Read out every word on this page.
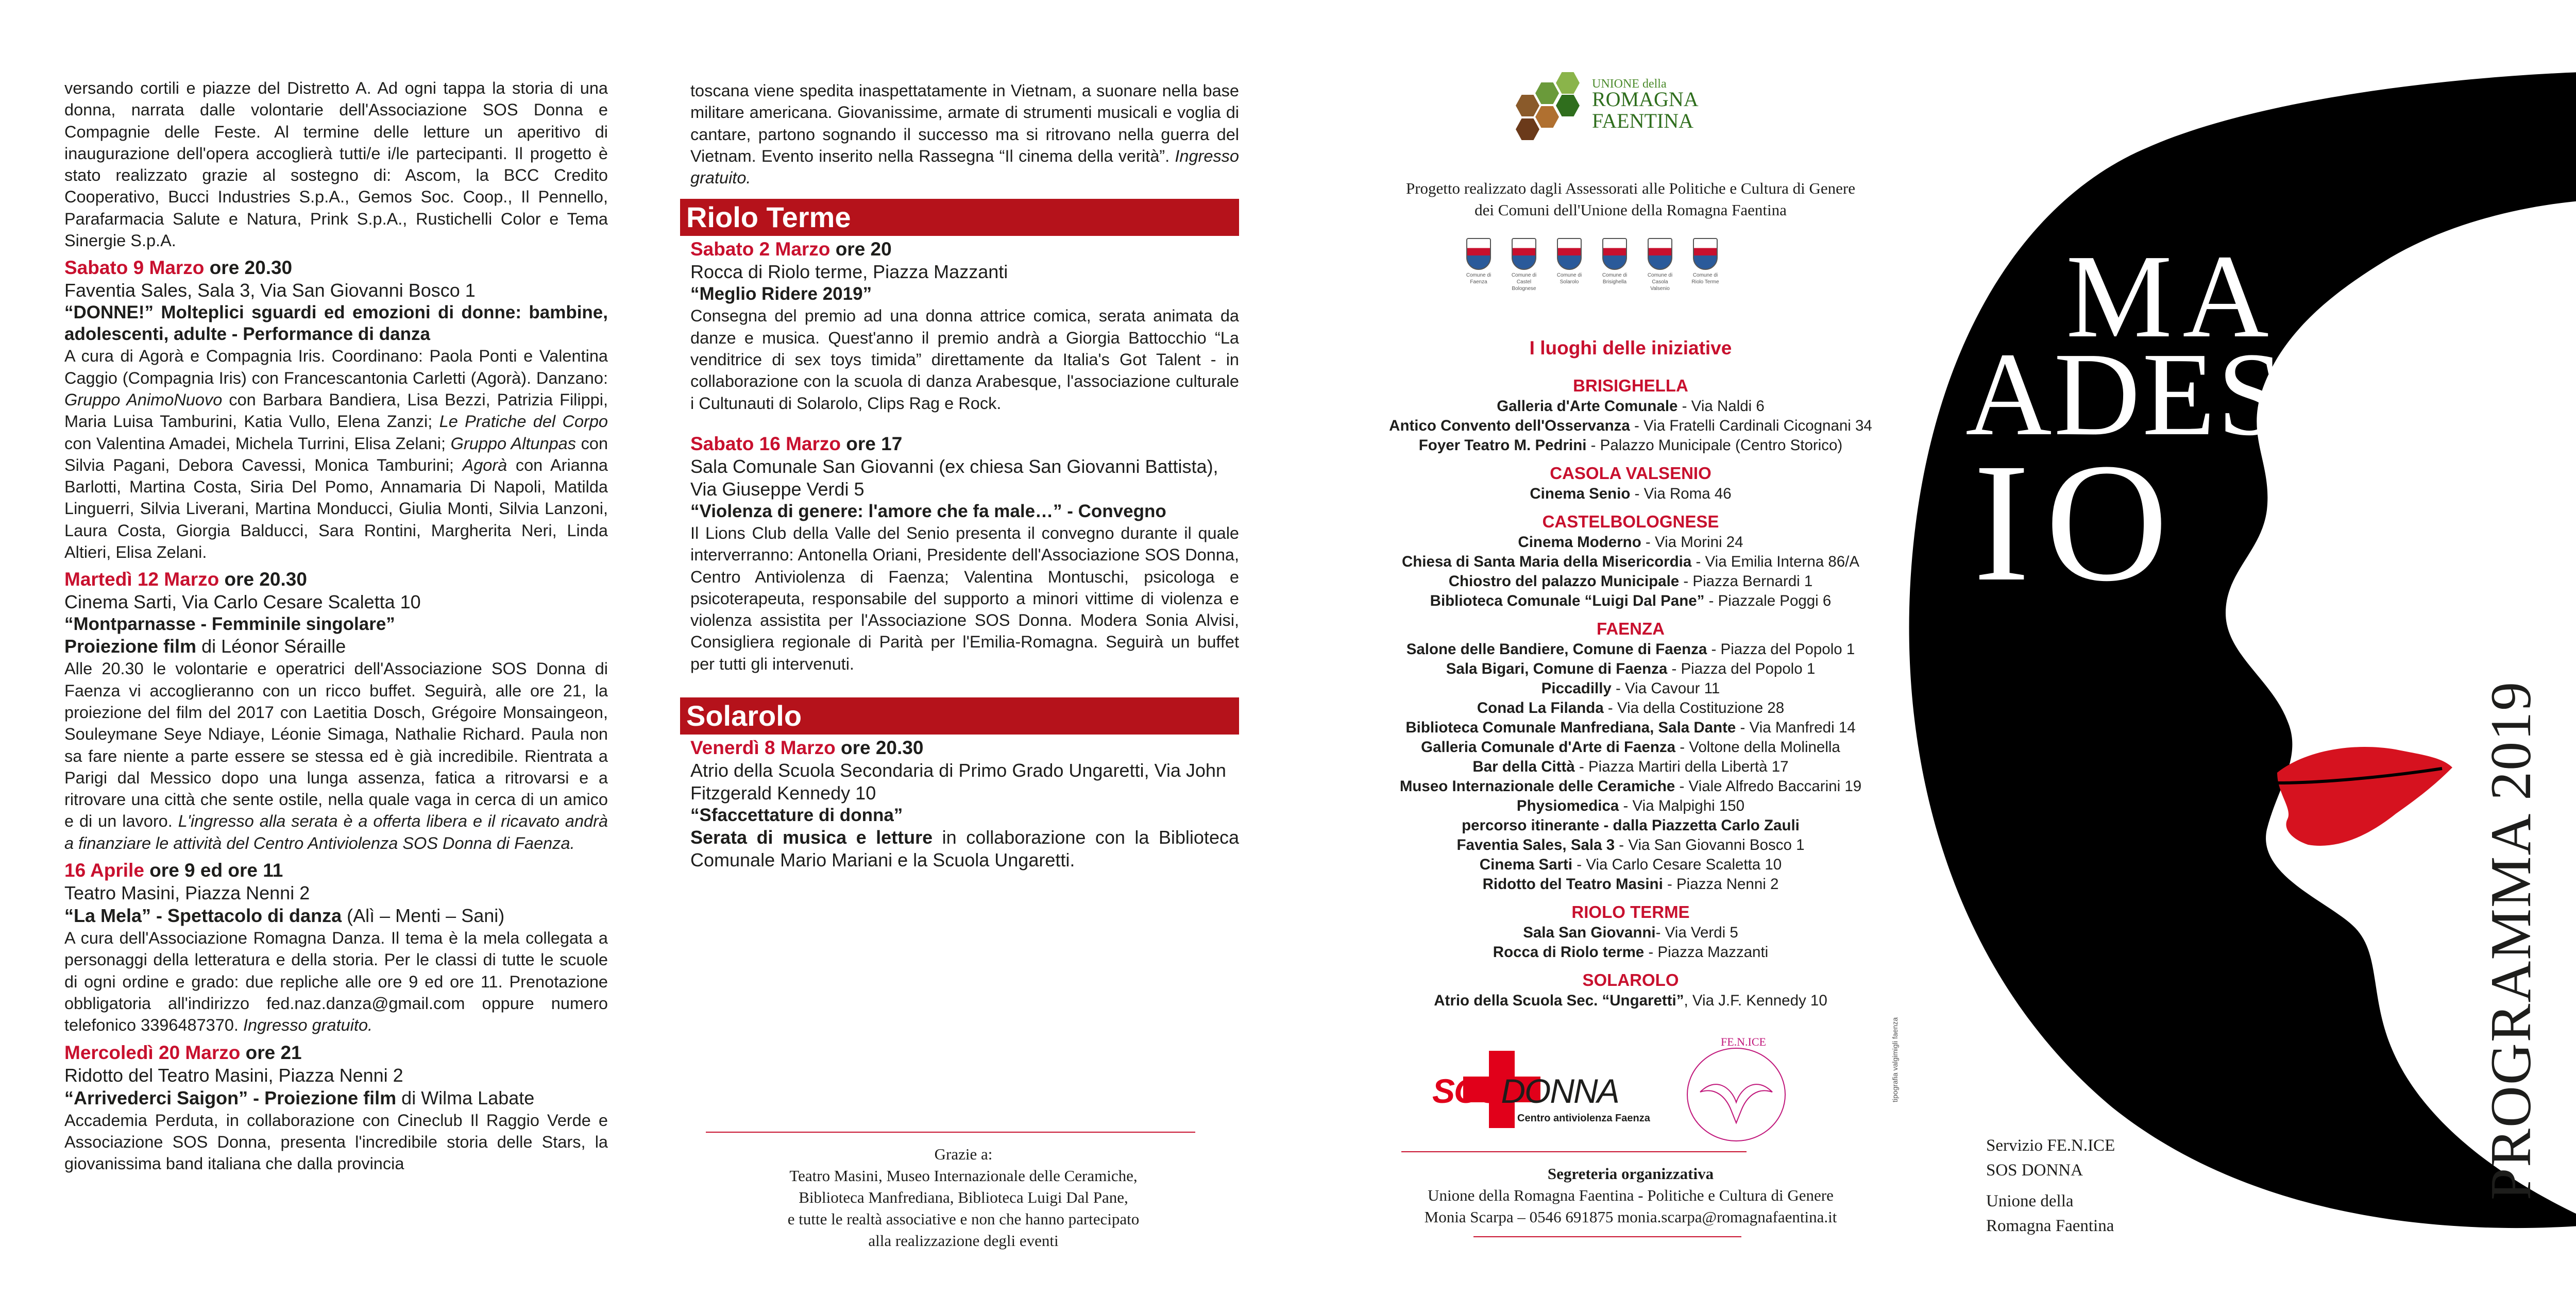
versando cortili e piazze del Distretto A. Ad ogni tappa la storia di una donna, narrata dalle volontarie dell'Associazione SOS Donna e Compagnie delle Feste. Al termine delle letture un aperitivo di inaugurazione dell'opera accoglierà tutti/e i/le partecipanti. Il progetto è stato realizzato grazie al sostegno di: Ascom, la BCC Credito Cooperativo, Bucci Industries S.p.A., Gemos Soc. Coop., Il Pennello, Parafarmacia Salute e Natura, Prink S.p.A., Rustichelli Color e Tema Sinergie S.p.A.

Sabato 9 Marzo ore 20.30
Faventia Sales, Sala 3, Via San Giovanni Bosco 1

“DONNE!” Molteplici sguardi ed emozioni di donne: bambine, adolescenti, adulte - Performance di danza

A cura di Agorà e Compagnia Iris. Coordinano: Paola Ponti e Valentina Caggio (Compagnia Iris) con Francescantonia Carletti (Agorà). Danzano: Gruppo AnimoNuovo con Barbara Bandiera, Lisa Bezzi, Patrizia Filippi, Maria Luisa Tamburini, Katia Vullo, Elena Zanzi; Le Pratiche del Corpo con Valentina Amadei, Michela Turrini, Elisa Zelani; Gruppo Altunpas con Silvia Pagani, Debora Cavessi, Monica Tamburini; Agorà con Arianna Barlotti, Martina Costa, Siria Del Pomo, Annamaria Di Napoli, Matilda Linguerri, Silvia Liverani, Martina Monducci, Giulia Monti, Silvia Lanzoni, Laura Costa, Giorgia Balducci, Sara Rontini, Margherita Neri, Linda Altieri, Elisa Zelani.

Martedì 12 Marzo ore 20.30
Cinema Sarti, Via Carlo Cesare Scaletta 10

“Montparnasse - Femminile singolare”

Proiezione film di Léonor Séraille

Alle 20.30 le volontarie e operatrici dell'Associazione SOS Donna di Faenza vi accoglieranno con un ricco buffet. Seguirà, alle ore 21, la proiezione del film del 2017 con Laetitia Dosch, Grégoire Monsaingeon, Souleymane Seye Ndiaye, Léonie Simaga, Nathalie Richard. Paula non sa fare niente a parte essere se stessa ed è già incredibile. Rientrata a Parigi dal Messico dopo una lunga assenza, fatica a ritrovarsi e a ritrovare una città che sente ostile, nella quale vaga in cerca di un amico e di un lavoro. L'ingresso alla serata è a offerta libera e il ricavato andrà a finanziare le attività del Centro Antiviolenza SOS Donna di Faenza.

16 Aprile ore 9 ed ore 11
Teatro Masini, Piazza Nenni 2

“La Mela” - Spettacolo di danza (Alì – Menti – Sani)

A cura dell'Associazione Romagna Danza. Il tema è la mela collegata a personaggi della letteratura e della storia. Per le classi di tutte le scuole di ogni ordine e grado: due repliche alle ore 9 ed ore 11. Prenotazione obbligatoria all'indirizzo fed.naz.danza@gmail.com oppure numero telefonico 3396487370. Ingresso gratuito.

Mercoledì 20 Marzo ore 21
Ridotto del Teatro Masini, Piazza Nenni 2

“Arrivederci Saigon” - Proiezione film di Wilma Labate

Accademia Perduta, in collaborazione con Cineclub Il Raggio Verde e Associazione SOS Donna, presenta l'incredibile storia delle Stars, la giovanissima band italiana che dalla provincia

toscana viene spedita inaspettatamente in Vietnam, a suonare nella base militare americana. Giovanissime, armate di strumenti musicali e voglia di cantare, partono sognando il successo ma si ritrovano nella guerra del Vietnam. Evento inserito nella Rassegna “Il cinema della verità”. Ingresso gratuito.

Riolo Terme
Sabato 2 Marzo ore 20
Rocca di Riolo terme, Piazza Mazzanti

“Meglio Ridere 2019”

Consegna del premio ad una donna attrice comica, serata animata da danze e musica. Quest'anno il premio andrà a Giorgia Battocchio “La venditrice di sex toys timida” direttamente da Italia's Got Talent - in collaborazione con la scuola di danza Arabesque, l'associazione culturale i Cultunauti di Solarolo, Clips Rag e Rock.

Sabato 16 Marzo ore 17
Sala Comunale San Giovanni (ex chiesa San Giovanni Battista), Via Giuseppe Verdi 5

“Violenza di genere: l'amore che fa male…” - Convegno

Il Lions Club della Valle del Senio presenta il convegno durante il quale interverranno: Antonella Oriani, Presidente dell'Associazione SOS Donna, Centro Antiviolenza di Faenza; Valentina Montuschi, psicologa e psicoterapeuta, responsabile del supporto a minori vittime di violenza e violenza assistita per l'Associazione SOS Donna. Modera Sonia Alvisi, Consigliera regionale di Parità per l'Emilia-Romagna. Seguirà un buffet per tutti gli intervenuti.

Solarolo
Venerdì 8 Marzo ore 20.30
Atrio della Scuola Secondaria di Primo Grado Ungaretti, Via John Fitzgerald Kennedy 10

“Sfaccettature di donna”

Serata di musica e letture in collaborazione con la Biblioteca Comunale Mario Mariani e la Scuola Ungaretti.

Grazie a:
Teatro Masini, Museo Internazionale delle Ceramiche,
Biblioteca Manfrediana, Biblioteca Luigi Dal Pane,
e tutte le realtà associative e non che hanno partecipato
alla realizzazione degli eventi
MA
ADESSO
IO
PROGRAMMA 2019
Servizio FE.N.ICE
SOS DONNA
Unione della
Romagna Faentina
UNIONE della
ROMAGNA
FAENTINA
Progetto realizzato dagli Assessorati alle Politiche e Cultura di Genere
dei Comuni dell'Unione della Romagna Faentina
Comune di Faenza
Comune di Castel Bolognese
Comune di Solarolo
Comune di Brisighella
Comune di Casola Valsenio
Comune di Riolo Terme
I luoghi delle iniziative
BRISIGHELLA
Galleria d'Arte Comunale - Via Naldi 6
Antico Convento dell'Osservanza - Via Fratelli Cardinali Cicognani 34
Foyer Teatro M. Pedrini - Palazzo Municipale (Centro Storico)
CASOLA VALSENIO
Cinema Senio - Via Roma 46
CASTELBOLOGNESE
Cinema Moderno - Via Morini 24
Chiesa di Santa Maria della Misericordia - Via Emilia Interna 86/A
Chiostro del palazzo Municipale - Piazza Bernardi 1
Biblioteca Comunale “Luigi Dal Pane” - Piazzale Poggi 6
FAENZA
Salone delle Bandiere, Comune di Faenza - Piazza del Popolo 1
Sala Bigari, Comune di Faenza - Piazza del Popolo 1
Piccadilly - Via Cavour 11
Conad La Filanda - Via della Costituzione 28
Biblioteca Comunale Manfrediana, Sala Dante - Via Manfredi 14
Galleria Comunale d'Arte di Faenza - Voltone della Molinella
Bar della Città - Piazza Martiri della Libertà 17
Museo Internazionale delle Ceramiche - Viale Alfredo Baccarini 19
Physiomedica - Via Malpighi 150
percorso itinerante - dalla Piazzetta Carlo Zauli
Faventia Sales, Sala 3 - Via San Giovanni Bosco 1
Cinema Sarti - Via Carlo Cesare Scaletta 10
Ridotto del Teatro Masini - Piazza Nenni 2
RIOLO TERME
Sala San Giovanni- Via Verdi 5
Rocca di Riolo terme - Piazza Mazzanti
SOLAROLO
Atrio della Scuola Sec. “Ungaretti”, Via J.F. Kennedy 10
SOSDONNA
Centro antiviolenza Faenza
FE.N.ICE
Segreteria organizzativa
Unione della Romagna Faentina - Politiche e Cultura di Genere
Monia Scarpa – 0546 691875 monia.scarpa@romagnafaentina.it
tipografia valgimigli faenza
